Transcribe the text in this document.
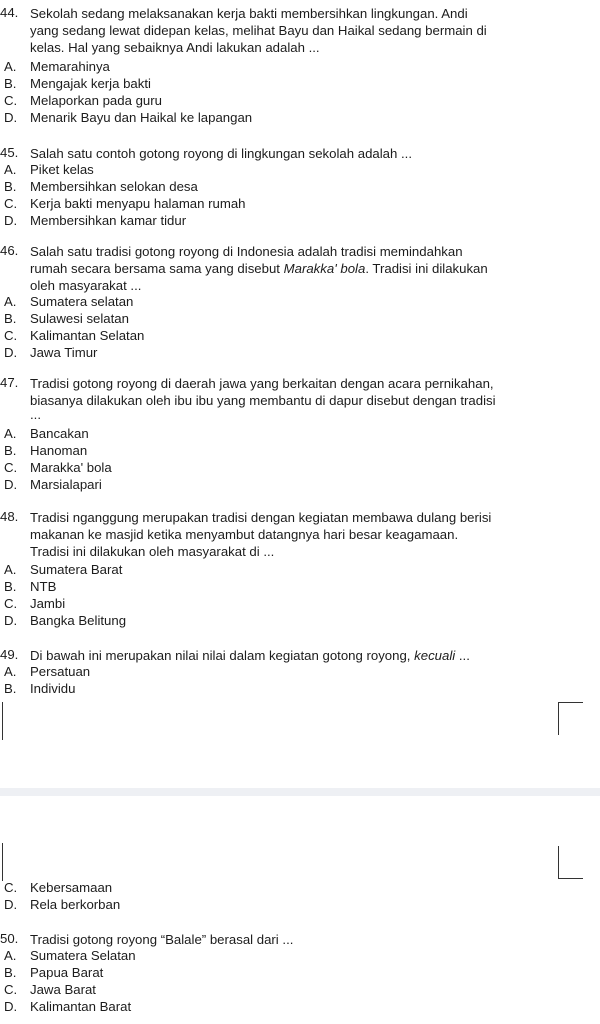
44. Sekolah sedang melaksanakan kerja bakti membersihkan lingkungan. Andi
yang sedang lewat didepan kelas, melihat Bayu dan Haikal sedang bermain di
kelas. Hal yang sebaiknya Andi lakukan adalah ...
A. Memarahinya
B. Mengajak kerja bakti
C. Melaporkan pada guru
D. Menarik Bayu dan Haikal ke lapangan
45. Salah satu contoh gotong royong di lingkungan sekolah adalah ...
A. Piket kelas
B. Membersihkan selokan desa
C. Kerja bakti menyapu halaman rumah
D. Membersihkan kamar tidur
46. Salah satu tradisi gotong royong di Indonesia adalah tradisi memindahkan
rumah secara bersama sama yang disebut Marakka' bola. Tradisi ini dilakukan
oleh masyarakat ...
A. Sumatera selatan
B. Sulawesi selatan
C. Kalimantan Selatan
D. Jawa Timur
47. Tradisi gotong royong di daerah jawa yang berkaitan dengan acara pernikahan,
biasanya dilakukan oleh ibu ibu yang membantu di dapur disebut dengan tradisi
...
A. Bancakan
B. Hanoman
C. Marakka' bola
D. Marsialapari
48. Tradisi nganggung merupakan tradisi dengan kegiatan membawa dulang berisi
makanan ke masjid ketika menyambut datangnya hari besar keagamaan.
Tradisi ini dilakukan oleh masyarakat di ...
A. Sumatera Barat
B. NTB
C. Jambi
D. Bangka Belitung
49. Di bawah ini merupakan nilai nilai dalam kegiatan gotong royong, kecuali ...
A. Persatuan
B. Individu
C. Kebersamaan
D. Rela berkorban
50. Tradisi gotong royong “Balale” berasal dari ...
A. Sumatera Selatan
B. Papua Barat
C. Jawa Barat
D. Kalimantan Barat
